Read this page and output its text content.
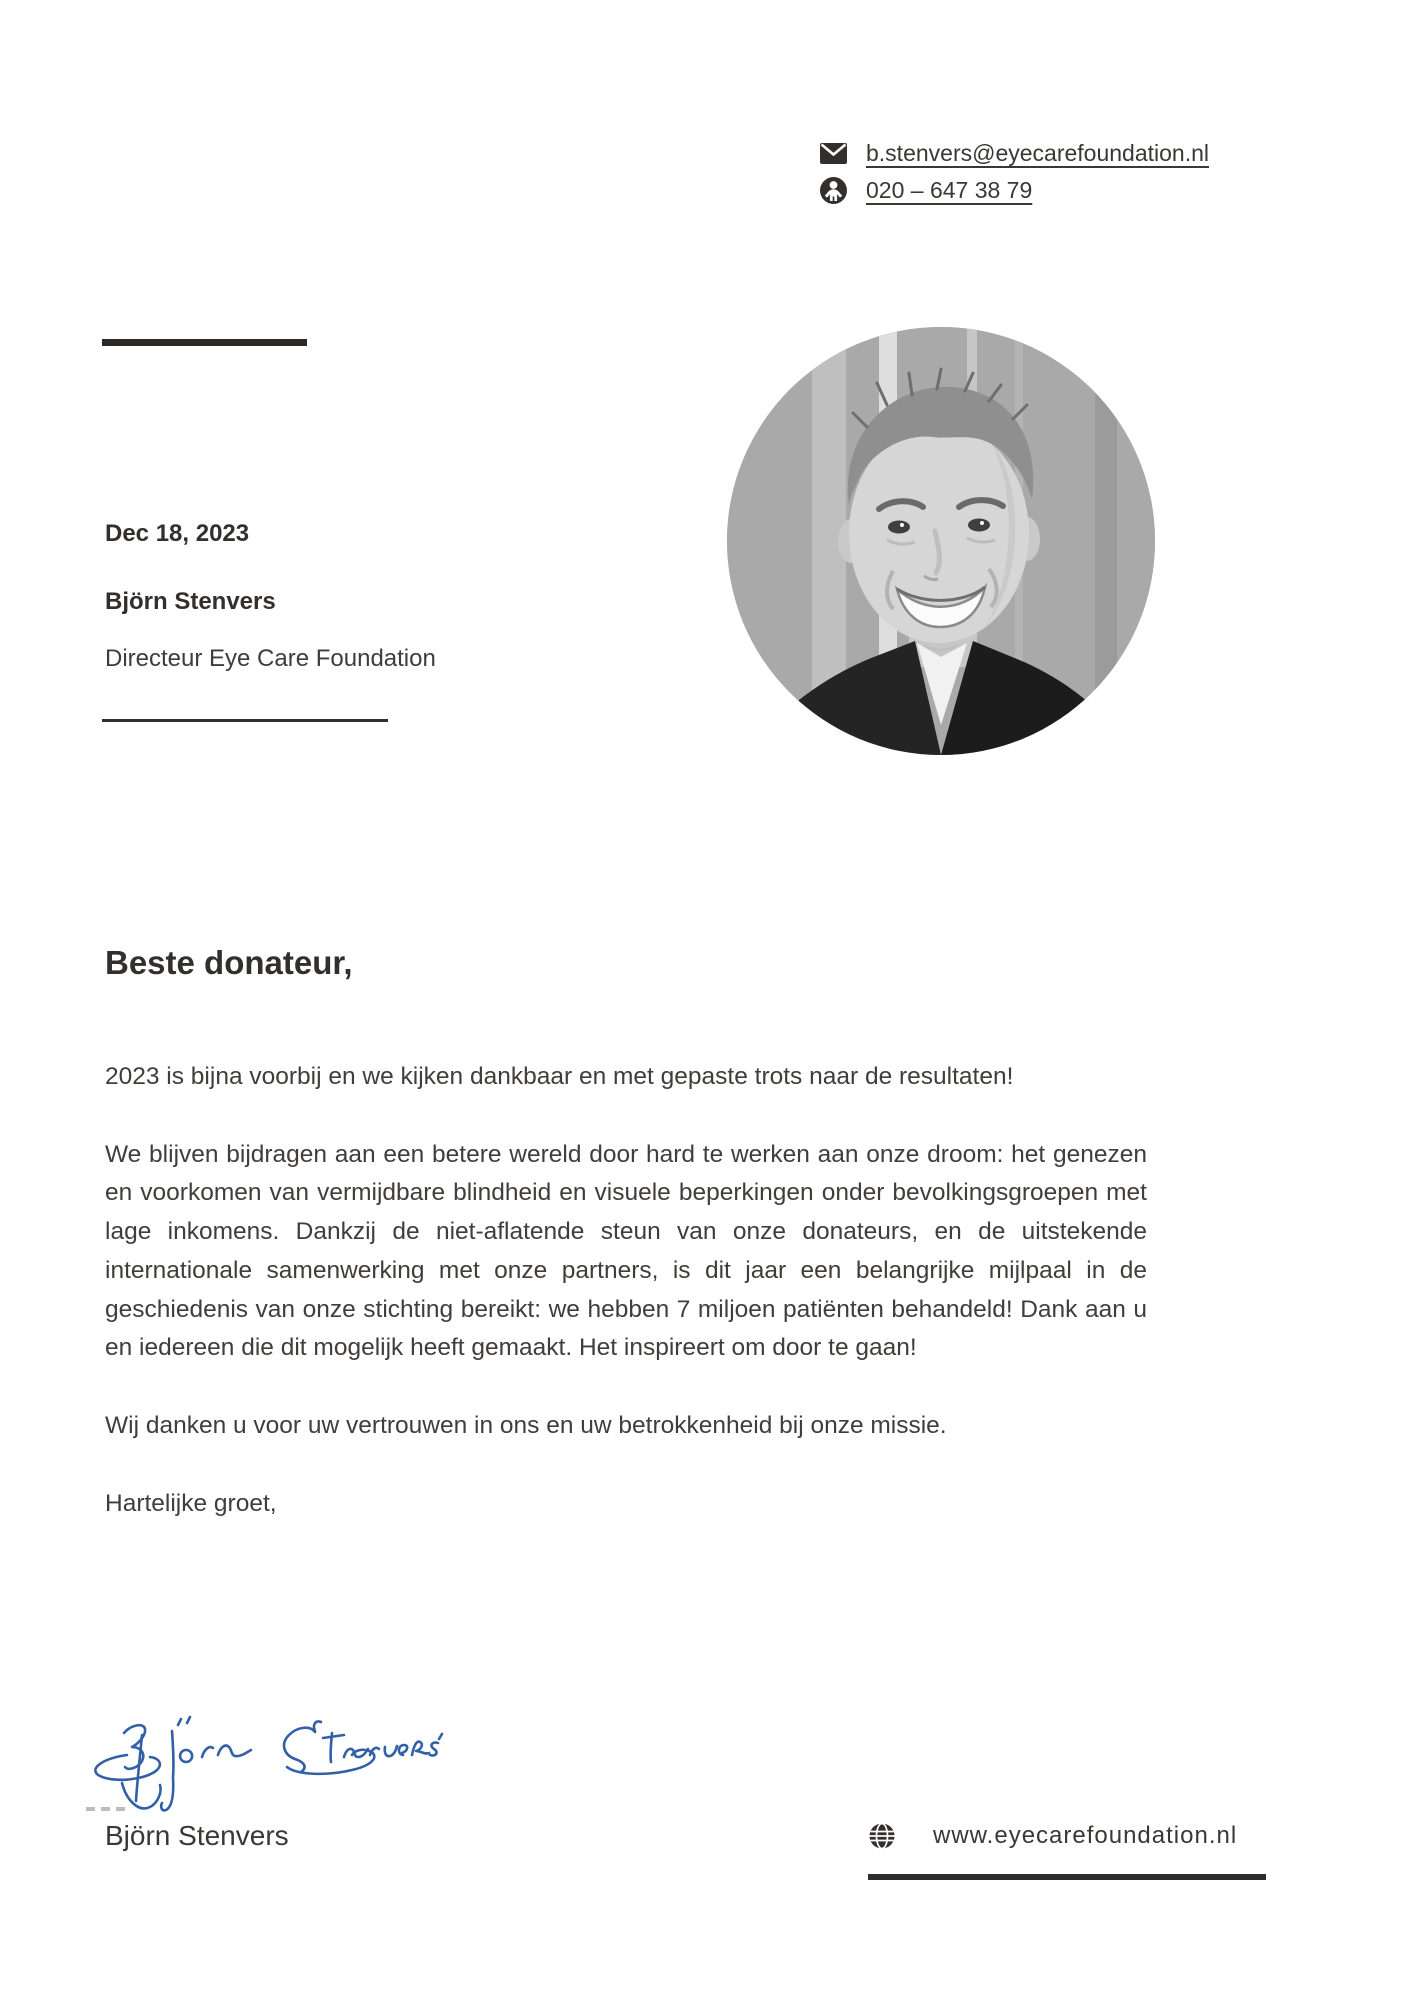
b.stenvers@eyecarefoundation.nl
020 – 647 38 79
Dec 18, 2023
Björn Stenvers
Directeur Eye Care Foundation
Beste donateur,

2023 is bijna voorbij en we kijken dankbaar en met gepaste trots naar de resultaten!

We blijven bijdragen aan een betere wereld door hard te werken aan onze droom: het genezen en voorkomen van vermijdbare blindheid en visuele beperkingen onder bevolkingsgroepen met lage inkomens. Dankzij de niet-aflatende steun van onze donateurs, en de uitstekende internationale samenwerking met onze partners, is dit jaar een belangrijke mijlpaal in de geschiedenis van onze stichting bereikt: we hebben 7 miljoen patiënten behandeld! Dank aan u en iedereen die dit mogelijk heeft gemaakt. Het inspireert om door te gaan!

Wij danken u voor uw vertrouwen in ons en uw betrokkenheid bij onze missie.

Hartelijke groet,

Björn Stenvers	www.eyecarefoundation.nl
